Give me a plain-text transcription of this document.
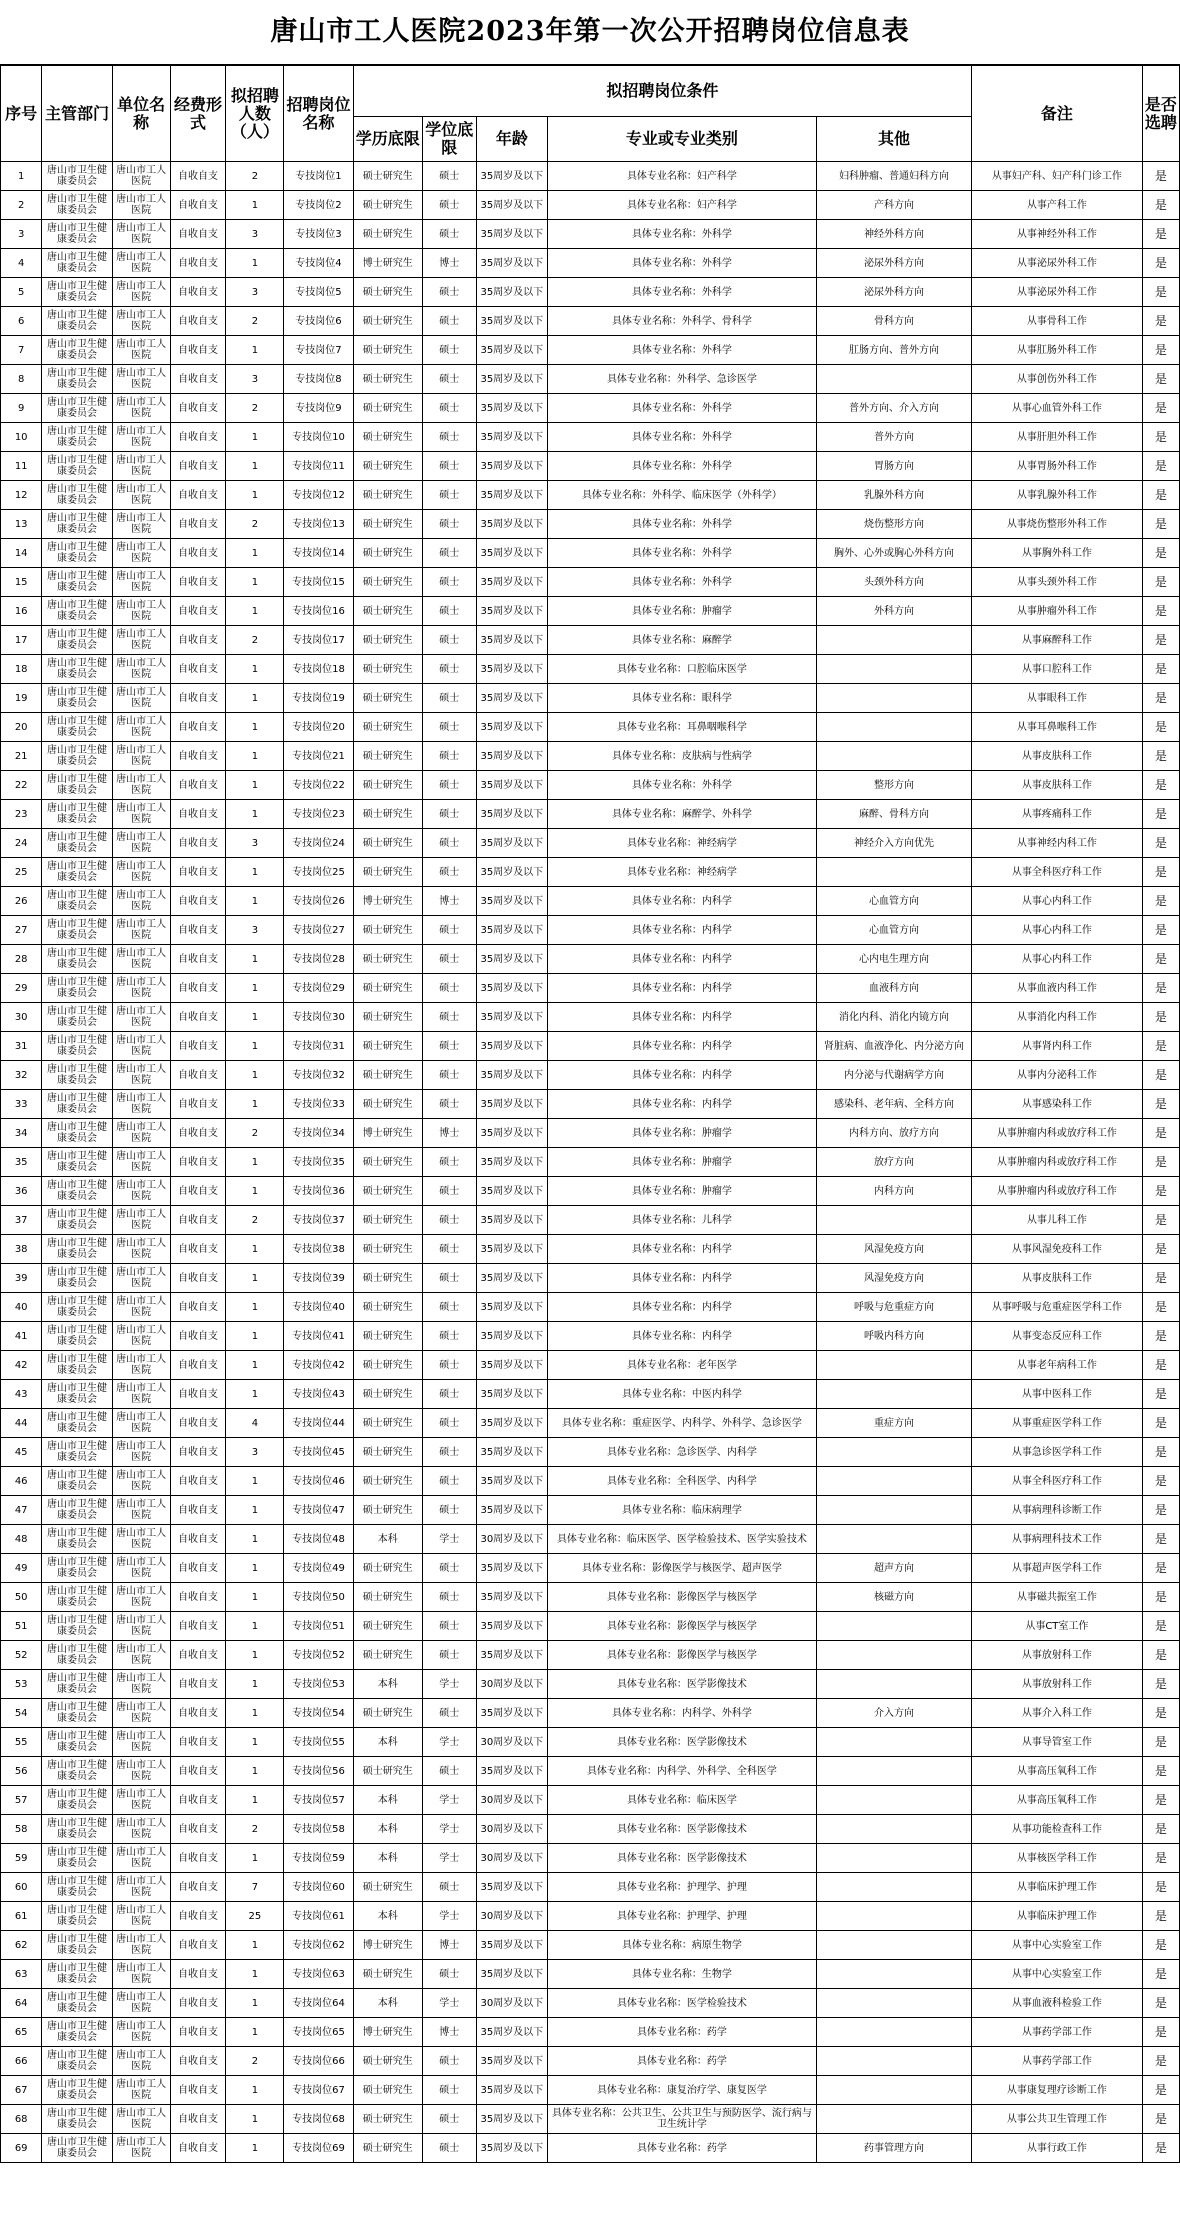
唐山市工人医院2023年第一次公开招聘岗位信息表
序号	主管部门	单位名称	经费形式	拟招聘人数（人）	招聘岗位名称	拟招聘岗位条件					备注	是否选聘
						学历底限	学位底限	年龄	专业或专业类别	其他		
1	唐山市卫生健康委员会	唐山市工人医院	自收自支	2	专技岗位1	硕士研究生	硕士	35周岁及以下	具体专业名称：妇产科学	妇科肿瘤、普通妇科方向	从事妇产科、妇产科门诊工作	是
2	唐山市卫生健康委员会	唐山市工人医院	自收自支	1	专技岗位2	硕士研究生	硕士	35周岁及以下	具体专业名称：妇产科学	产科方向	从事产科工作	是
3	唐山市卫生健康委员会	唐山市工人医院	自收自支	3	专技岗位3	硕士研究生	硕士	35周岁及以下	具体专业名称：外科学	神经外科方向	从事神经外科工作	是
4	唐山市卫生健康委员会	唐山市工人医院	自收自支	1	专技岗位4	博士研究生	博士	35周岁及以下	具体专业名称：外科学	泌尿外科方向	从事泌尿外科工作	是
5	唐山市卫生健康委员会	唐山市工人医院	自收自支	3	专技岗位5	硕士研究生	硕士	35周岁及以下	具体专业名称：外科学	泌尿外科方向	从事泌尿外科工作	是
6	唐山市卫生健康委员会	唐山市工人医院	自收自支	2	专技岗位6	硕士研究生	硕士	35周岁及以下	具体专业名称：外科学、骨科学	骨科方向	从事骨科工作	是
7	唐山市卫生健康委员会	唐山市工人医院	自收自支	1	专技岗位7	硕士研究生	硕士	35周岁及以下	具体专业名称：外科学	肛肠方向、普外方向	从事肛肠外科工作	是
8	唐山市卫生健康委员会	唐山市工人医院	自收自支	3	专技岗位8	硕士研究生	硕士	35周岁及以下	具体专业名称：外科学、急诊医学		从事创伤外科工作	是
9	唐山市卫生健康委员会	唐山市工人医院	自收自支	2	专技岗位9	硕士研究生	硕士	35周岁及以下	具体专业名称：外科学	普外方向、介入方向	从事心血管外科工作	是
10	唐山市卫生健康委员会	唐山市工人医院	自收自支	1	专技岗位10	硕士研究生	硕士	35周岁及以下	具体专业名称：外科学	普外方向	从事肝胆外科工作	是
11	唐山市卫生健康委员会	唐山市工人医院	自收自支	1	专技岗位11	硕士研究生	硕士	35周岁及以下	具体专业名称：外科学	胃肠方向	从事胃肠外科工作	是
12	唐山市卫生健康委员会	唐山市工人医院	自收自支	1	专技岗位12	硕士研究生	硕士	35周岁及以下	具体专业名称：外科学、临床医学（外科学）	乳腺外科方向	从事乳腺外科工作	是
13	唐山市卫生健康委员会	唐山市工人医院	自收自支	2	专技岗位13	硕士研究生	硕士	35周岁及以下	具体专业名称：外科学	烧伤整形方向	从事烧伤整形外科工作	是
14	唐山市卫生健康委员会	唐山市工人医院	自收自支	1	专技岗位14	硕士研究生	硕士	35周岁及以下	具体专业名称：外科学	胸外、心外或胸心外科方向	从事胸外科工作	是
15	唐山市卫生健康委员会	唐山市工人医院	自收自支	1	专技岗位15	硕士研究生	硕士	35周岁及以下	具体专业名称：外科学	头颈外科方向	从事头颈外科工作	是
16	唐山市卫生健康委员会	唐山市工人医院	自收自支	1	专技岗位16	硕士研究生	硕士	35周岁及以下	具体专业名称：肿瘤学	外科方向	从事肿瘤外科工作	是
17	唐山市卫生健康委员会	唐山市工人医院	自收自支	2	专技岗位17	硕士研究生	硕士	35周岁及以下	具体专业名称：麻醉学		从事麻醉科工作	是
18	唐山市卫生健康委员会	唐山市工人医院	自收自支	1	专技岗位18	硕士研究生	硕士	35周岁及以下	具体专业名称：口腔临床医学		从事口腔科工作	是
19	唐山市卫生健康委员会	唐山市工人医院	自收自支	1	专技岗位19	硕士研究生	硕士	35周岁及以下	具体专业名称：眼科学		从事眼科工作	是
20	唐山市卫生健康委员会	唐山市工人医院	自收自支	1	专技岗位20	硕士研究生	硕士	35周岁及以下	具体专业名称：耳鼻咽喉科学		从事耳鼻喉科工作	是
21	唐山市卫生健康委员会	唐山市工人医院	自收自支	1	专技岗位21	硕士研究生	硕士	35周岁及以下	具体专业名称：皮肤病与性病学		从事皮肤科工作	是
22	唐山市卫生健康委员会	唐山市工人医院	自收自支	1	专技岗位22	硕士研究生	硕士	35周岁及以下	具体专业名称：外科学	整形方向	从事皮肤科工作	是
23	唐山市卫生健康委员会	唐山市工人医院	自收自支	1	专技岗位23	硕士研究生	硕士	35周岁及以下	具体专业名称：麻醉学、外科学	麻醉、骨科方向	从事疼痛科工作	是
24	唐山市卫生健康委员会	唐山市工人医院	自收自支	3	专技岗位24	硕士研究生	硕士	35周岁及以下	具体专业名称：神经病学	神经介入方向优先	从事神经内科工作	是
25	唐山市卫生健康委员会	唐山市工人医院	自收自支	1	专技岗位25	硕士研究生	硕士	35周岁及以下	具体专业名称：神经病学		从事全科医疗科工作	是
26	唐山市卫生健康委员会	唐山市工人医院	自收自支	1	专技岗位26	博士研究生	博士	35周岁及以下	具体专业名称：内科学	心血管方向	从事心内科工作	是
27	唐山市卫生健康委员会	唐山市工人医院	自收自支	3	专技岗位27	硕士研究生	硕士	35周岁及以下	具体专业名称：内科学	心血管方向	从事心内科工作	是
28	唐山市卫生健康委员会	唐山市工人医院	自收自支	1	专技岗位28	硕士研究生	硕士	35周岁及以下	具体专业名称：内科学	心内电生理方向	从事心内科工作	是
29	唐山市卫生健康委员会	唐山市工人医院	自收自支	1	专技岗位29	硕士研究生	硕士	35周岁及以下	具体专业名称：内科学	血液科方向	从事血液内科工作	是
30	唐山市卫生健康委员会	唐山市工人医院	自收自支	1	专技岗位30	硕士研究生	硕士	35周岁及以下	具体专业名称：内科学	消化内科、消化内镜方向	从事消化内科工作	是
31	唐山市卫生健康委员会	唐山市工人医院	自收自支	1	专技岗位31	硕士研究生	硕士	35周岁及以下	具体专业名称：内科学	肾脏病、血液净化、内分泌方向	从事肾内科工作	是
32	唐山市卫生健康委员会	唐山市工人医院	自收自支	1	专技岗位32	硕士研究生	硕士	35周岁及以下	具体专业名称：内科学	内分泌与代谢病学方向	从事内分泌科工作	是
33	唐山市卫生健康委员会	唐山市工人医院	自收自支	1	专技岗位33	硕士研究生	硕士	35周岁及以下	具体专业名称：内科学	感染科、老年病、全科方向	从事感染科工作	是
34	唐山市卫生健康委员会	唐山市工人医院	自收自支	2	专技岗位34	博士研究生	博士	35周岁及以下	具体专业名称：肿瘤学	内科方向、放疗方向	从事肿瘤内科或放疗科工作	是
35	唐山市卫生健康委员会	唐山市工人医院	自收自支	1	专技岗位35	硕士研究生	硕士	35周岁及以下	具体专业名称：肿瘤学	放疗方向	从事肿瘤内科或放疗科工作	是
36	唐山市卫生健康委员会	唐山市工人医院	自收自支	1	专技岗位36	硕士研究生	硕士	35周岁及以下	具体专业名称：肿瘤学	内科方向	从事肿瘤内科或放疗科工作	是
37	唐山市卫生健康委员会	唐山市工人医院	自收自支	2	专技岗位37	硕士研究生	硕士	35周岁及以下	具体专业名称：儿科学		从事儿科工作	是
38	唐山市卫生健康委员会	唐山市工人医院	自收自支	1	专技岗位38	硕士研究生	硕士	35周岁及以下	具体专业名称：内科学	风湿免疫方向	从事风湿免疫科工作	是
39	唐山市卫生健康委员会	唐山市工人医院	自收自支	1	专技岗位39	硕士研究生	硕士	35周岁及以下	具体专业名称：内科学	风湿免疫方向	从事皮肤科工作	是
40	唐山市卫生健康委员会	唐山市工人医院	自收自支	1	专技岗位40	硕士研究生	硕士	35周岁及以下	具体专业名称：内科学	呼吸与危重症方向	从事呼吸与危重症医学科工作	是
41	唐山市卫生健康委员会	唐山市工人医院	自收自支	1	专技岗位41	硕士研究生	硕士	35周岁及以下	具体专业名称：内科学	呼吸内科方向	从事变态反应科工作	是
42	唐山市卫生健康委员会	唐山市工人医院	自收自支	1	专技岗位42	硕士研究生	硕士	35周岁及以下	具体专业名称：老年医学		从事老年病科工作	是
43	唐山市卫生健康委员会	唐山市工人医院	自收自支	1	专技岗位43	硕士研究生	硕士	35周岁及以下	具体专业名称：中医内科学		从事中医科工作	是
44	唐山市卫生健康委员会	唐山市工人医院	自收自支	4	专技岗位44	硕士研究生	硕士	35周岁及以下	具体专业名称：重症医学、内科学、外科学、急诊医学	重症方向	从事重症医学科工作	是
45	唐山市卫生健康委员会	唐山市工人医院	自收自支	3	专技岗位45	硕士研究生	硕士	35周岁及以下	具体专业名称：急诊医学、内科学		从事急诊医学科工作	是
46	唐山市卫生健康委员会	唐山市工人医院	自收自支	1	专技岗位46	硕士研究生	硕士	35周岁及以下	具体专业名称：全科医学、内科学		从事全科医疗科工作	是
47	唐山市卫生健康委员会	唐山市工人医院	自收自支	1	专技岗位47	硕士研究生	硕士	35周岁及以下	具体专业名称：临床病理学		从事病理科诊断工作	是
48	唐山市卫生健康委员会	唐山市工人医院	自收自支	1	专技岗位48	本科	学士	30周岁及以下	具体专业名称：临床医学、医学检验技术、医学实验技术		从事病理科技术工作	是
49	唐山市卫生健康委员会	唐山市工人医院	自收自支	1	专技岗位49	硕士研究生	硕士	35周岁及以下	具体专业名称：影像医学与核医学、超声医学	超声方向	从事超声医学科工作	是
50	唐山市卫生健康委员会	唐山市工人医院	自收自支	1	专技岗位50	硕士研究生	硕士	35周岁及以下	具体专业名称：影像医学与核医学	核磁方向	从事磁共振室工作	是
51	唐山市卫生健康委员会	唐山市工人医院	自收自支	1	专技岗位51	硕士研究生	硕士	35周岁及以下	具体专业名称：影像医学与核医学		从事CT室工作	是
52	唐山市卫生健康委员会	唐山市工人医院	自收自支	1	专技岗位52	硕士研究生	硕士	35周岁及以下	具体专业名称：影像医学与核医学		从事放射科工作	是
53	唐山市卫生健康委员会	唐山市工人医院	自收自支	1	专技岗位53	本科	学士	30周岁及以下	具体专业名称：医学影像技术		从事放射科工作	是
54	唐山市卫生健康委员会	唐山市工人医院	自收自支	1	专技岗位54	硕士研究生	硕士	35周岁及以下	具体专业名称：内科学、外科学	介入方向	从事介入科工作	是
55	唐山市卫生健康委员会	唐山市工人医院	自收自支	1	专技岗位55	本科	学士	30周岁及以下	具体专业名称：医学影像技术		从事导管室工作	是
56	唐山市卫生健康委员会	唐山市工人医院	自收自支	1	专技岗位56	硕士研究生	硕士	35周岁及以下	具体专业名称：内科学、外科学、全科医学		从事高压氧科工作	是
57	唐山市卫生健康委员会	唐山市工人医院	自收自支	1	专技岗位57	本科	学士	30周岁及以下	具体专业名称：临床医学		从事高压氧科工作	是
58	唐山市卫生健康委员会	唐山市工人医院	自收自支	2	专技岗位58	本科	学士	30周岁及以下	具体专业名称：医学影像技术		从事功能检查科工作	是
59	唐山市卫生健康委员会	唐山市工人医院	自收自支	1	专技岗位59	本科	学士	30周岁及以下	具体专业名称：医学影像技术		从事核医学科工作	是
60	唐山市卫生健康委员会	唐山市工人医院	自收自支	7	专技岗位60	硕士研究生	硕士	35周岁及以下	具体专业名称：护理学、护理		从事临床护理工作	是
61	唐山市卫生健康委员会	唐山市工人医院	自收自支	25	专技岗位61	本科	学士	30周岁及以下	具体专业名称：护理学、护理		从事临床护理工作	是
62	唐山市卫生健康委员会	唐山市工人医院	自收自支	1	专技岗位62	博士研究生	博士	35周岁及以下	具体专业名称：病原生物学		从事中心实验室工作	是
63	唐山市卫生健康委员会	唐山市工人医院	自收自支	1	专技岗位63	硕士研究生	硕士	35周岁及以下	具体专业名称：生物学		从事中心实验室工作	是
64	唐山市卫生健康委员会	唐山市工人医院	自收自支	1	专技岗位64	本科	学士	30周岁及以下	具体专业名称：医学检验技术		从事血液科检验工作	是
65	唐山市卫生健康委员会	唐山市工人医院	自收自支	1	专技岗位65	博士研究生	博士	35周岁及以下	具体专业名称：药学		从事药学部工作	是
66	唐山市卫生健康委员会	唐山市工人医院	自收自支	2	专技岗位66	硕士研究生	硕士	35周岁及以下	具体专业名称：药学		从事药学部工作	是
67	唐山市卫生健康委员会	唐山市工人医院	自收自支	1	专技岗位67	硕士研究生	硕士	35周岁及以下	具体专业名称：康复治疗学、康复医学		从事康复理疗诊断工作	是
68	唐山市卫生健康委员会	唐山市工人医院	自收自支	1	专技岗位68	硕士研究生	硕士	35周岁及以下	具体专业名称：公共卫生、公共卫生与预防医学、流行病与卫生统计学		从事公共卫生管理工作	是
69	唐山市卫生健康委员会	唐山市工人医院	自收自支	1	专技岗位69	硕士研究生	硕士	35周岁及以下	具体专业名称：药学	药事管理方向	从事行政工作	是
